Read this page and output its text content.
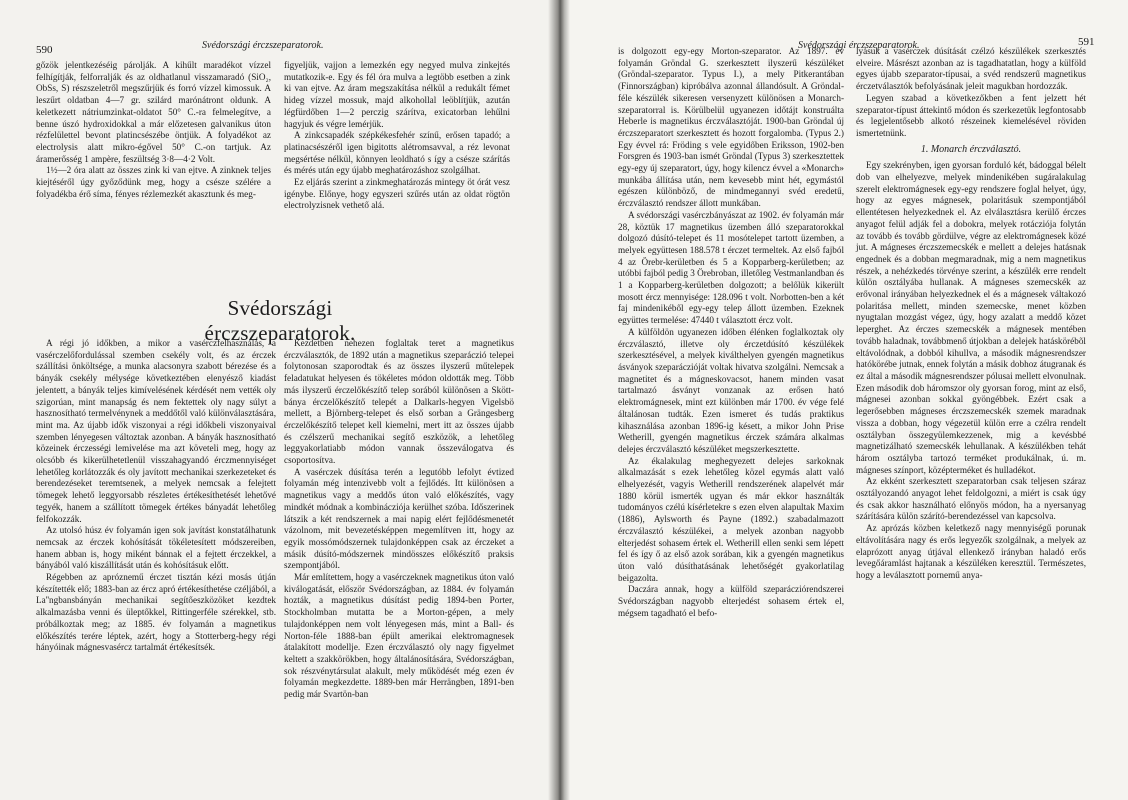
590	Svédországi érczszeparatorok.

gőzök jelentkezéséig párolják. A kihűlt maradékot vízzel felhígítják, felforralják és az oldhatlanul visszamaradó (SiO₂, ObSs, S) részszeletről megszűrjük és forró vízzel kimossuk. A leszűrt oldatban 4—7 gr. szilárd marónátront oldunk. A keletkezett nátriumzinkat-oldatot 50° C.-ra felmelegítve, a benne úszó hydroxidokkal a már előzetesen galvanikus úton rézfelülettel bevont platincsészébe öntjük. A folyadékot az electrolysis alatt mikro-égővel 50° C.-on tartjuk. Az áramerősség 1 ampère, feszültség 3·8—4·2 Volt.

1½—2 óra alatt az összes zink ki van ejtve. A zinknek teljes kiejtéséről úgy győződünk meg, hogy a csésze szélére a folyadékba érő síma, fényes rézlemezkét akasztunk és meg-

figyeljük, vajjon a lemezkén egy negyed mulva zinkejtés mutatkozik-e. Egy és fél óra mulva a legtöbb esetben a zink ki van ejtve. Az áram megszakítása nélkül a redukált fémet hideg vízzel mossuk, majd alkohollal leöblítjük, azután légfürdőben 1—2 perczig szárítva, exicatorban lehűlni hagyjuk és végre lemérjük.

A zinkcsapadék szépkékesfehér színű, erősen tapadó; a platinacsészéről igen bigitotts alétromsavval, a réz levonat megsértése nélkül, könnyen leoldható s így a csésze szárítás és mérés után egy újabb meghatározáshoz szolgálhat.

Ez eljárás szerint a zinkmeghatározás mintegy öt órát vesz igénybe. Előnye, hogy egyszeri szűrés után az oldat rögtön electrolyzisnek vethető alá.

Svédországi érczszeparatorok.

A régi jó időkben, a mikor a vasérczfelhasználás, a vasérczelőfordulással szemben csekély volt, és az érczek szállítási önköltsége, a munka alacsonyra szabott bérezése és a bányák csekély mélysége következtében elenyésző kiadást jelentett, a bányák teljes kimívelésének kérdését nem vették oly szigorúan, mint manapság és nem fektettek oly nagy súlyt a hasznosítható termelvénynek a meddőtől való különválasztására, mint ma. Az újabb idők viszonyai a régi időkbeli viszonyaival szemben lényegesen változtak azonban. A bányák hasznosítható közeinek érczességi lemivelése ma azt követeli meg, hogy az olcsóbb és kikerülhetetlenül visszahagyandó érczmennyiséget lehetőleg korlátozzák és oly javított mechanikai szerkezeteket és berendezéseket teremtsenek, a melyek nemcsak a felejtett tömegek lehető leggyorsabb részletes értékesíthetését lehetővé tegyék, hanem a szállított tömegek értékes bányadát lehetőleg felfokozzák.

Az utolsó húsz év folyamán igen sok javítást konstatálhatunk nemcsak az érczek kohósítását tökéletesített módszereiben, hanem abban is, hogy miként bánnak el a fejtett érczekkel, a bányából való kiszállítását után és kohósításuk előtt.

Régebben az apróznemű érczet tisztán kézi mosás útján készítették elő; 1883-ban az ércz apró értékesíthetése czéljából, a La''ngbansbányán mechanikai segítőeszközöket kezdtek alkalmazásba venni és üleptőkkel, Rittingerféle szérekkel, stb. próbálkoztak meg; az 1885. év folyamán a magnetikus előkészítés terére léptek, azért, hogy a Stotterberg-hegy régi hányóinak mágnesvasércz tartalmát értékesítsék.

Kezdetben nehezen foglaltak teret a magnetikus érczválasztók, de 1892 után a magnetikus szeparáczió telepei folytonosan szaporodtak és az összes ilyszerű műtelepek feladatukat helyesen és tökéletes módon oldották meg. Több más ilyszerű érczelőkészítő telep sorából különösen a Skött-bánya érczelőkészítő telepét a Dalkarls-hegyen Vigelsbö mellett, a Björnberg-telepet és első sorban a Grängesberg érczelőkészítő telepet kell kiemelni, mert itt az összes újabb és czélszerű mechanikai segítő eszközök, a lehetőleg leggyakorlatiabb módon vannak összeválogatva és csoportosítva.

A vasérczek dúsítása terén a legutóbb lefolyt évtized folyamán még intenzivebb volt a fejlődés. Itt különösen a magnetikus vagy a meddős úton való előkészítés, vagy mindkét módnak a kombinácziója kerülhet szóba. Időszerinek látszik a két rendszernek a mai napig elért fejlődésmenetét vázolnom, mit bevezetésképpen megemlítven itt, hogy az egyik mossómódszernek tulajdonképpen csak az érczeket a másik dúsító-módszernek mindösszes előkészítő praksis szempontjából.

Már említettem, hogy a vasérczeknek magnetikus úton való kiválogatását, először Svédországban, az 1884. év folyamán hozták, a magnetikus dúsítást pedig 1894-ben Porter, Stockholmban mutatta be a Morton-gépen, a mely tulajdonképpen nem volt lényegesen más, mint a Ball- és Norton-féle 1888-ban épült amerikai elektromagnesek átalakított modellje. Ezen érczválasztó oly nagy figyelmet keltett a szakkörökben, hogy általánosítására, Svédországban, sok részvénytársulat alakult, mely működését még ezen év folyamán megkezdette. 1889-ben már Herrängben, 1891-ben pedig már Svartön-ban

Svédországi érczszeparatorok.	591

is dolgozott egy-egy Morton-szeparator. Az 1897. év folyamán Gröndal G. szerkesztett ilyszerű készüléket (Gröndal-szeparator. Typus I.), a mely Pitkerantában (Finnországban) kipróbálva azonnal állandósult. A Gröndal-féle készülék sikeresen versenyzett különösen a Monarch-szeparatorral is. Körülbelül ugyanezen időtájt konstruálta Heberle is magnetikus érczválasztóját. 1900-ban Gröndal új érczszeparatort szerkesztett és hozott forgalomba. (Typus 2.) Egy évvel rá: Fröding s vele egyidőben Eriksson, 1902-ben Forsgren és 1903-ban ismét Gröndal (Typus 3) szerkesztettek egy-egy új szeparatort, úgy, hogy kilencz évvel a «Monarch» munkába állítása után, nem kevesebb mint hét, egymástól egészen különböző, de mindmegannyi svéd eredetű, érczválasztó rendszer állott munkában.

A svédországi vasérczbányászat az 1902. év folyamán már 28, köztük 17 magnetikus üzemben álló szeparatorokkal dolgozó dúsító-telepet és 11 mosótelepet tartott üzemben, a melyek együttesen 188.578 t érczet termeltek. Az első fajból 4 az Örebr-kerületben és 5 a Kopparberg-kerületben; az utóbbi fajból pedig 3 Örebroban, illetőleg Vestmanlandban és 1 a Kopparberg-kerületben dolgozott; a belőlük kikerült mosott ércz mennyisége: 128.096 t volt. Norbotten-ben a két faj mindenikéből egy-egy telep állott üzemben. Ezeknek együttes termelése: 47440 t választott ércz volt.

A külföldön ugyanezen időben élénken foglalkoztak oly érczválasztó, illetve oly érczetdúsító készülékek szerkesztésével, a melyek kiválthelyen gyengén magnetikus ásványok szeparáczióját voltak hivatva szolgálni. Nemcsak a magnetitet és a mágneskovacsot, hanem minden vasat tartalmazó ásványt vonzanak az erősen ható elektromágnesek, mint ezt különben már 1700. év vége felé általánosan tudták. Ezen ismeret és tudás praktikus kihasználása azonban 1896-ig késett, a mikor John Prise Wetherill, gyengén magnetikus érczek számára alkalmas delejes érczválasztó készüléket megszerkesztette.

Az ékalakulag meghegyezett delejes sarkoknak alkalmazását s ezek lehetőleg közel egymás alatt való elhelyezését, vagyis Wetherill rendszerének alapelvét már 1880 körül ismerték ugyan és már ekkor használták tudományos czélú kísérletekre s ezen elven alapultak Maxim (1886), Aylsworth és Payne (1892.) szabadalmazott érczválasztó készülékei, a melyek azonban nagyobb elterjedést sohasem értek el. Wetherill ellen senki sem lépett fel és így ő az első azok sorában, kik a gyengén magnetikus úton való dúsíthatásának lehetőségét gyakorlatilag beigazolta.

Daczára annak, hogy a külföld szeparácziórendszerei Svédországban nagyobb elterjedést sohasem értek el, mégsem tagadható el befo-

lyásuk a vasérczek dúsítását czélzó készülékek szerkesztés elveire. Másrészt azonban az is tagadhatatlan, hogy a külföld egyes újabb szeparator-típusai, a svéd rendszerű magnetikus érczetválasztók befolyásának jeleit magukban hordozzák.

Legyen szabad a következőkben a fent jelzett hét szeparator-típust áttekintő módon és szerkezetük legfontosabb és legjelentősebb alkotó részeinek kiemelésével röviden ismertetnünk.

1. Monarch érczválasztó.

Egy szekrényben, igen gyorsan forduló két, bádoggal bélelt dob van elhelyezve, melyek mindenikében sugáralakulag szerelt elektromágnesek egy-egy rendszere foglal helyet, úgy, hogy az egyes mágnesek, polaritásuk szempontjából ellentétesen helyezkednek el. Az elválasztásra kerülő érczes anyagot felül adják fel a dobokra, melyek rotácziója folytán az tovább és tovább gördülve, végre az elektromágnesek közé jut. A mágneses érczszemecskék e mellett a delejes hatásnak engednek és a dobban megmaradnak, mig a nem magnetikus részek, a nehézkedés törvénye szerint, a készülék erre rendelt külön osztályába hullanak. A mágneses szemecskék az erővonal irányában helyezkednek el és a mágnesek váltakozó polaritása mellett, minden szemecske, menet közben nyugtalan mozgást végez, úgy, hogy azalatt a meddő közet leperghet. Az érczes szemecskék a mágnesek mentében tovább haladnak, továbbmenő útjokban a delejek hatáskörébõl eltávolódnak, a dobból kihullva, a második mágnesrendszer hatókörébe jutnak, ennek folytán a másik dobhoz átugranak és ez által a második mágnesrendszer pólusai mellett elvonulnak. Ezen második dob háromszor oly gyorsan forog, mint az első, mágnesei azonban sokkal gyöngébbek. Ezért csak a legerősebben mágneses érczszemecskék szemek maradnak vissza a dobban, hogy végezetül külön erre a czélra rendelt osztályban összegyülemkezzenek, mig a kevésbbé magnetizálható szemecskék lehullanak. A készülékben tehát három osztályba tartozó terméket produkálnak, ú. m. mágneses színport, középterméket és hulladékot.

Az ekként szerkesztett szeparatorban csak teljesen száraz osztályozandó anyagot lehet feldolgozni, a miért is csak úgy és csak akkor használható előnyös módon, ha a nyersanyag szárítására külön szárító-berendezéssel van kapcsolva.

Az aprózás közben keletkező nagy mennyiségű porunak eltávolítására nagy és erős legyezők szolgálnak, a melyek az elaprózott anyag útjával ellenkező irányban haladó erős levegőáramlást hajtanak a készüléken keresztül. Természetes, hogy a leválasztott pornemű anya-
